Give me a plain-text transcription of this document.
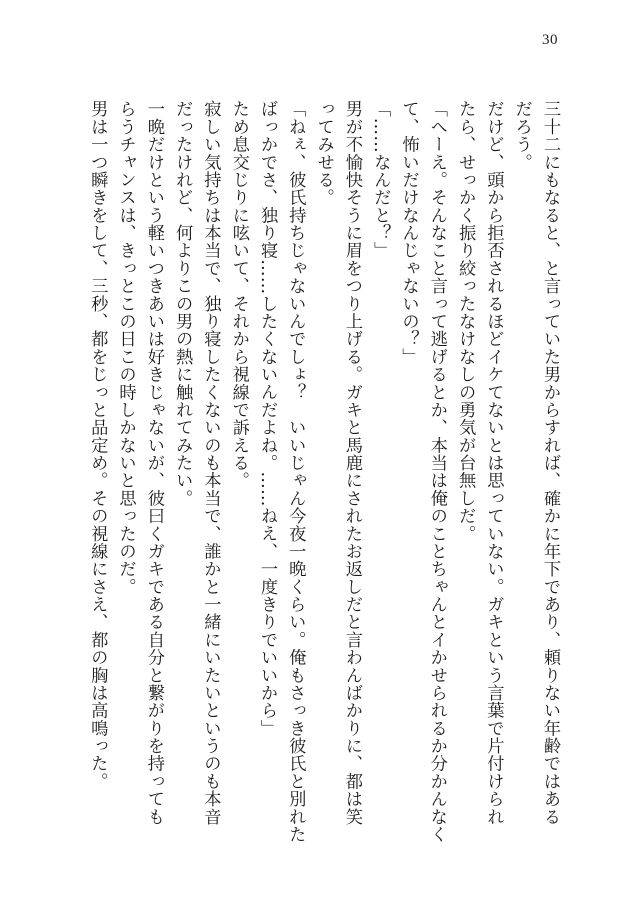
30
三十二にもなると、と言っていた男からすれば、確かに年下であり、頼りない年齢ではある
だろう。
だけど、頭から拒否されるほどイケてないとは思っていない。ガキという言葉で片付けられ
たら、せっかく振り絞ったなけなしの勇気が台無しだ。
「へーえ。そんなこと言って逃げるとか、本当は俺のことちゃんとイかせられるか分かんなく
て、怖いだけなんじゃないの？」
「……なんだと？」
男が不愉快そうに眉をつり上げる。ガキと馬鹿にされたお返しだと言わんばかりに、都は笑
ってみせる。
「ねぇ、彼氏持ちじゃないんでしょ？　いいじゃん今夜一晩くらい。俺もさっき彼氏と別れた
ばっかでさ、独り寝……したくないんだよね。……ねえ、一度きりでいいから」
ため息交じりに呟いて、それから視線で訴える。
寂しい気持ちは本当で、独り寝したくないのも本当で、誰かと一緒にいたいというのも本音
だったけれど、何よりこの男の熱に触れてみたい。
一晩だけという軽いつきあいは好きじゃないが、彼曰くガキである自分と繋がりを持っても
らうチャンスは、きっとこの日この時しかないと思ったのだ。
男は一つ瞬きをして、三秒、都をじっと品定め。その視線にさえ、都の胸は高鳴った。
